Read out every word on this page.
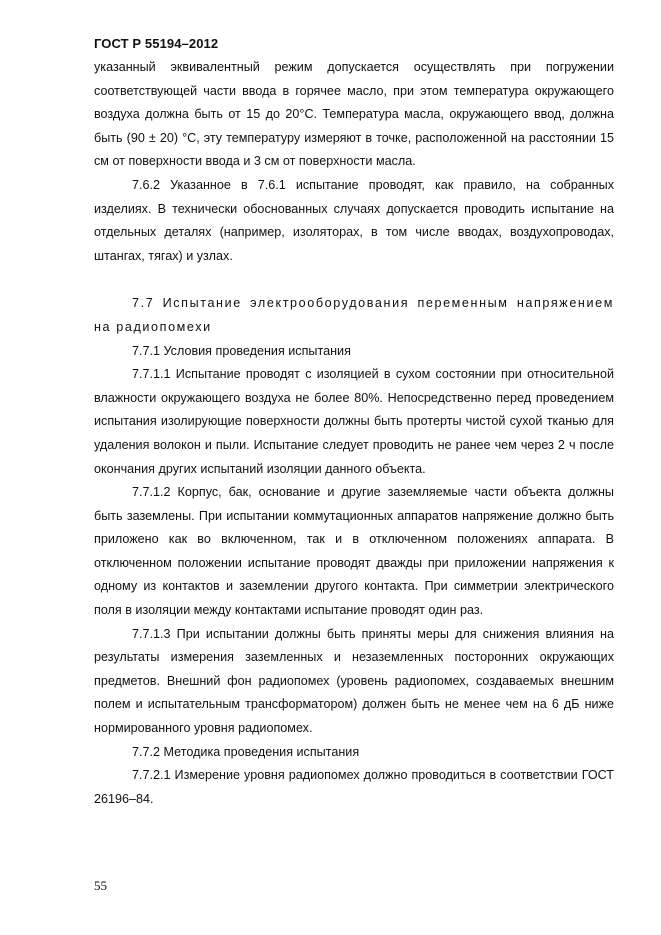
ГОСТ Р 55194–2012

указанный эквивалентный режим допускается осуществлять при погружении соответствующей части ввода в горячее масло, при этом температура окружающего воздуха должна быть от 15 до 20°С. Температура масла, окружающего ввод, должна быть (90 ± 20) °С, эту температуру измеряют в точке, расположенной на расстоянии 15 см от поверхности ввода и 3 см от поверхности масла.

7.6.2 Указанное в 7.6.1 испытание проводят, как правило, на собранных изделиях. В технически обоснованных случаях допускается проводить испытание на отдельных деталях (например, изоляторах, в том числе вводах, воздухопроводах, штангах, тягах) и узлах.

7.7 Испытание электрооборудования переменным напряжением на радиопомехи

7.7.1 Условия проведения испытания

7.7.1.1 Испытание проводят с изоляцией в сухом состоянии при относительной влажности окружающего воздуха не более 80%. Непосредственно перед проведением испытания изолирующие поверхности должны быть протерты чистой сухой тканью для удаления волокон и пыли. Испытание следует проводить не ранее чем через 2 ч после окончания других испытаний изоляции данного объекта.

7.7.1.2 Корпус, бак, основание и другие заземляемые части объекта должны быть заземлены. При испытании коммутационных аппаратов напряжение должно быть приложено как во включенном, так и в отключенном положениях аппарата. В отключенном положении испытание проводят дважды при приложении напряжения к одному из контактов и заземлении другого контакта. При симметрии электрического поля в изоляции между контактами испытание проводят один раз.

7.7.1.3 При испытании должны быть приняты меры для снижения влияния на результаты измерения заземленных и незаземленных посторонних окружающих предметов. Внешний фон радиопомех (уровень радиопомех, создаваемых внешним полем и испытательным трансформатором) должен быть не менее чем на 6 дБ ниже нормированного уровня радиопомех.

7.7.2 Методика проведения испытания

7.7.2.1 Измерение уровня радиопомех должно проводиться в соответствии ГОСТ 26196–84.

55
